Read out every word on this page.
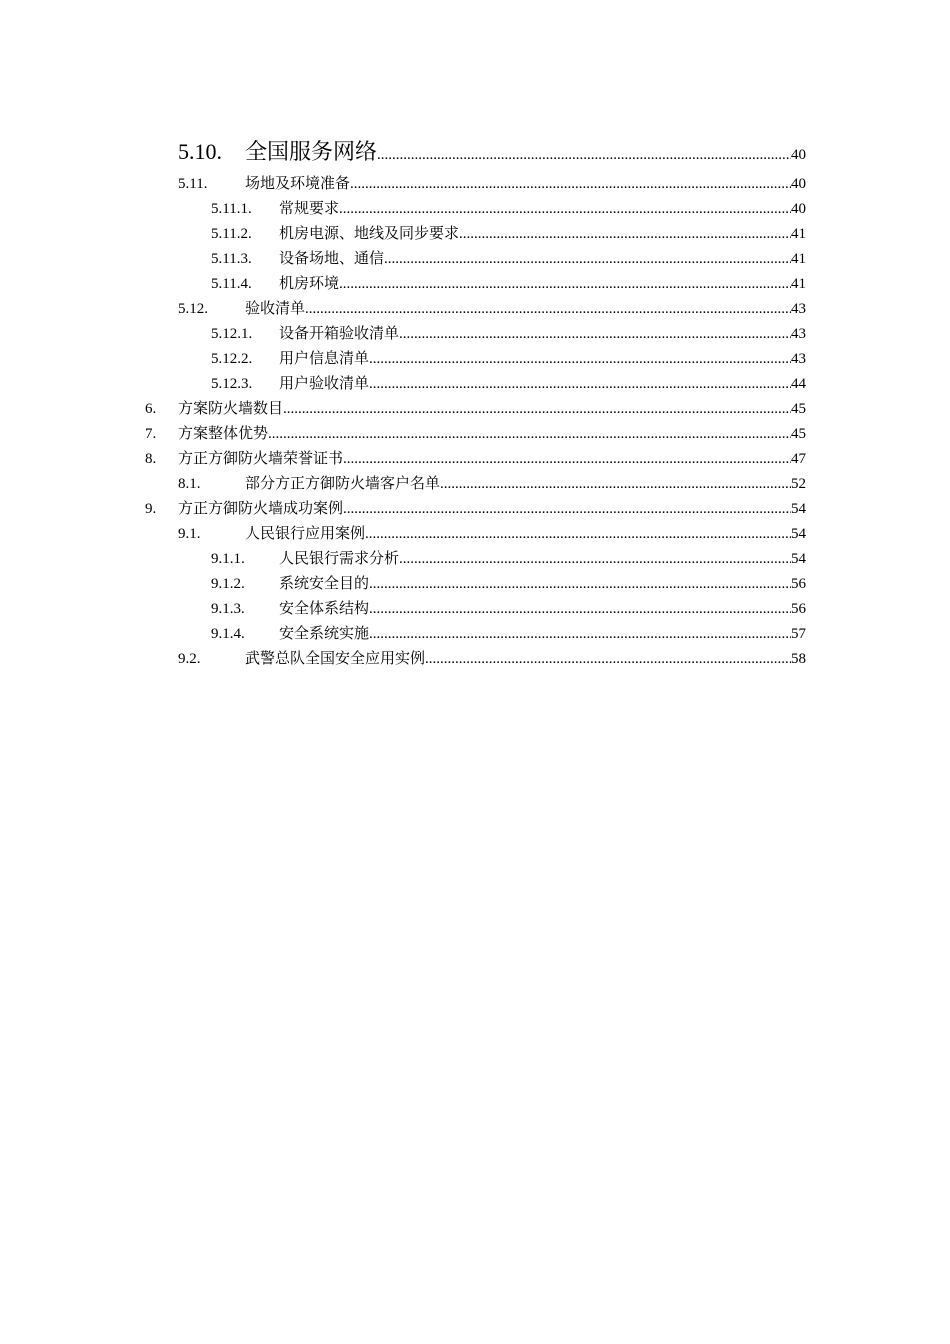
5.10. 全国服务网络 .....	40
5.11.	场地及环境准备 .....	40
5.11.1. 常规要求 .....	40
5.11.2. 机房电源、地线及同步要求 .....	41
5.11.3. 设备场地、通信 .....	41
5.11.4. 机房环境 .....	41
5.12. 验收清单 .....	43
5.12.1. 设备开箱验收清单 .....	43
5.12.2. 用户信息清单 .....	43
5.12.3. 用户验收清单 .....	44
6. 方案防火墙数目 .....	45
7. 方案整体优势 .....	45
8. 方正方御防火墙荣誉证书 .....	47
8.1.	部分方正方御防火墙客户名单 .....	52
9. 方正方御防火墙成功案例 .....	54
9.1.	人民银行应用案例 .....	54
9.1.1. 人民银行需求分析 .....	54
9.1.2. 系统安全目的 .....	56
9.1.3. 安全体系结构 .....	56
9.1.4. 安全系统实施 .....	57
9.2.	武警总队全国安全应用实例 .....	58
